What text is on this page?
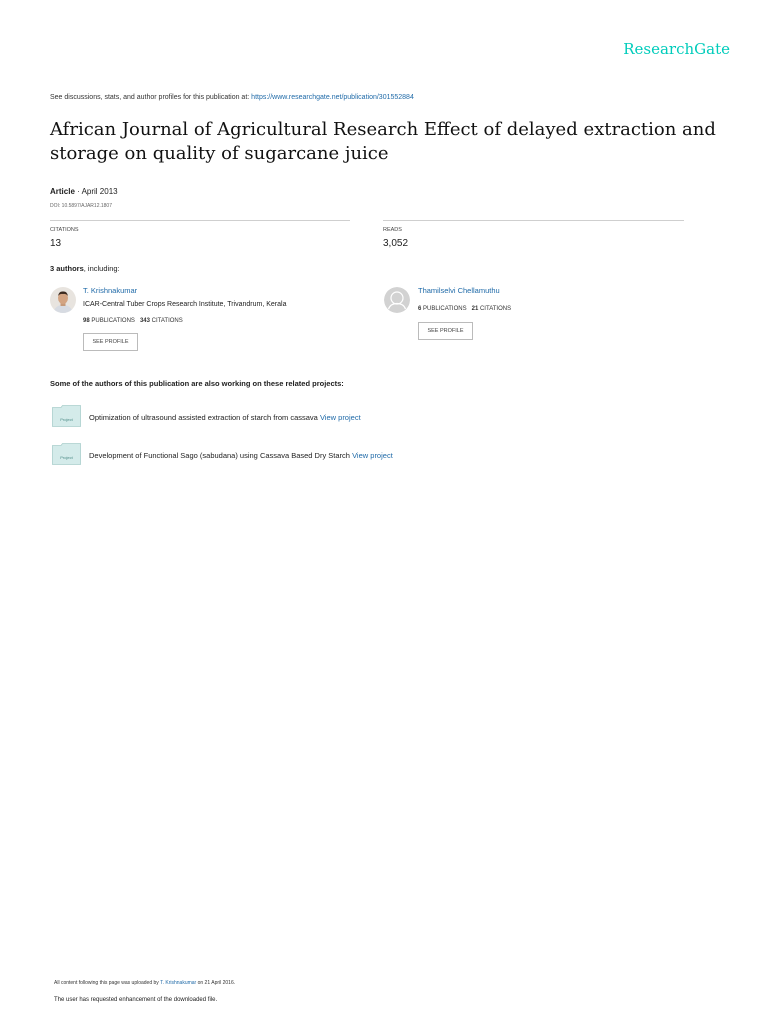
ResearchGate
See discussions, stats, and author profiles for this publication at: https://www.researchgate.net/publication/301552884
African Journal of Agricultural Research Effect of delayed extraction and storage on quality of sugarcane juice
Article · April 2013
DOI: 10.5897/AJAR12.1807
CITATIONS
13
READS
3,052
3 authors, including:
T. Krishnakumar
ICAR-Central Tuber Crops Research Institute, Trivandrum, Kerala
98 PUBLICATIONS 343 CITATIONS
SEE PROFILE
Thamilselvi Chellamuthu
6 PUBLICATIONS 21 CITATIONS
SEE PROFILE
Some of the authors of this publication are also working on these related projects:
Project Optimization of ultrasound assisted extraction of starch from cassava View project
Project Development of Functional Sago (sabudana) using Cassava Based Dry Starch View project
All content following this page was uploaded by T. Krishnakumar on 21 April 2016.
The user has requested enhancement of the downloaded file.
